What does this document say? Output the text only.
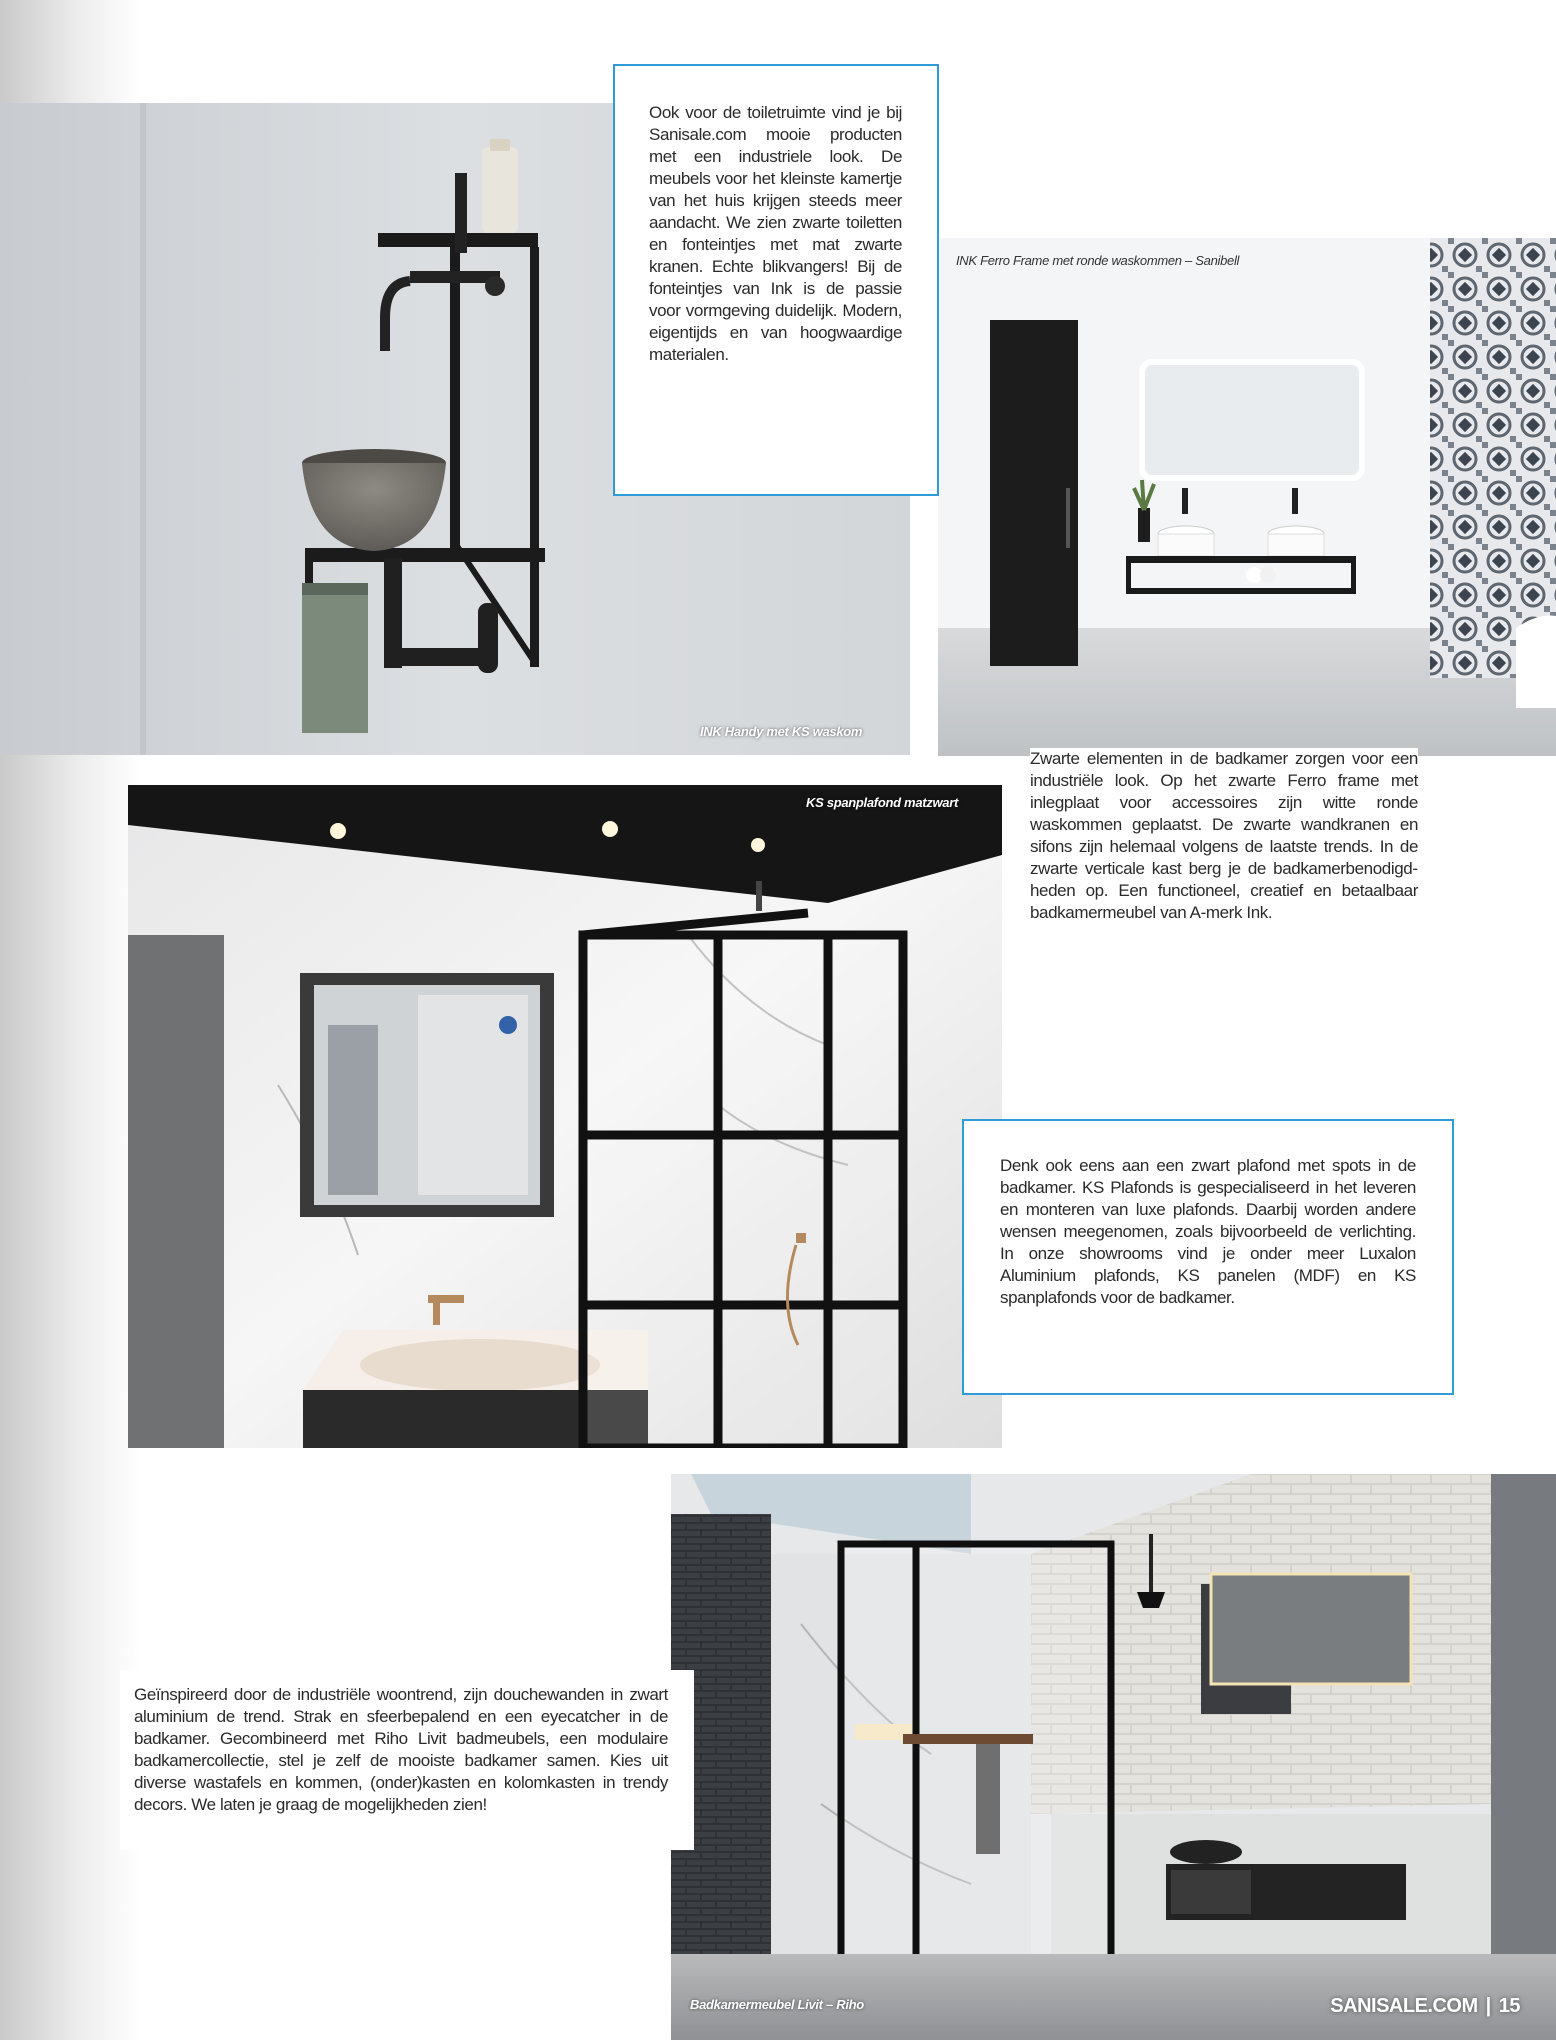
INK Handy met KS waskom
INK Ferro Frame met ronde waskommen – Sanibell
Ook voor de toiletruimte vind je bij Sanisale.com mooie producten met een industriele look. De meubels voor het kleinste kamertje van het huis krijgen steeds meer aandacht. We zien zwarte toiletten en fonteintjes met mat zwarte kranen. Echte blikvangers! Bij de fonteintjes van Ink is de passie voor vormgeving duidelijk. Modern, eigentijds en van hoogwaardige materialen.
KS spanplafond matzwart
Zwarte elementen in de badkamer zorgen voor een industriële look. Op het zwarte Ferro frame met inlegplaat voor accessoires zijn witte ronde waskommen geplaatst. De zwarte wandkranen en sifons zijn helemaal volgens de laatste trends. In de zwarte verticale kast berg je de badkamerbenodigdheden op. Een functioneel, creatief en betaalbaar badkamermeubel van A-merk Ink.
Denk ook eens aan een zwart plafond met spots in de badkamer. KS Plafonds is gespecialiseerd in het leveren en monteren van luxe plafonds. Daarbij worden andere wensen meegenomen, zoals bijvoorbeeld de verlichting. In onze showrooms vind je onder meer Luxalon Aluminium plafonds, KS panelen (MDF) en KS spanplafonds voor de badkamer.
Badkamermeubel Livit – Riho
Geïnspireerd door de industriële woontrend, zijn douchewanden in zwart aluminium de trend. Strak en sfeerbepalend en een eyecatcher in de badkamer. Gecombineerd met Riho Livit badmeubels, een modulaire badkamercollectie, stel je zelf de mooiste badkamer samen. Kies uit diverse wastafels en kommen, (onder)kasten en kolomkasten in trendy decors. We laten je graag de mogelijkheden zien!
SANISALE.COM | 15
